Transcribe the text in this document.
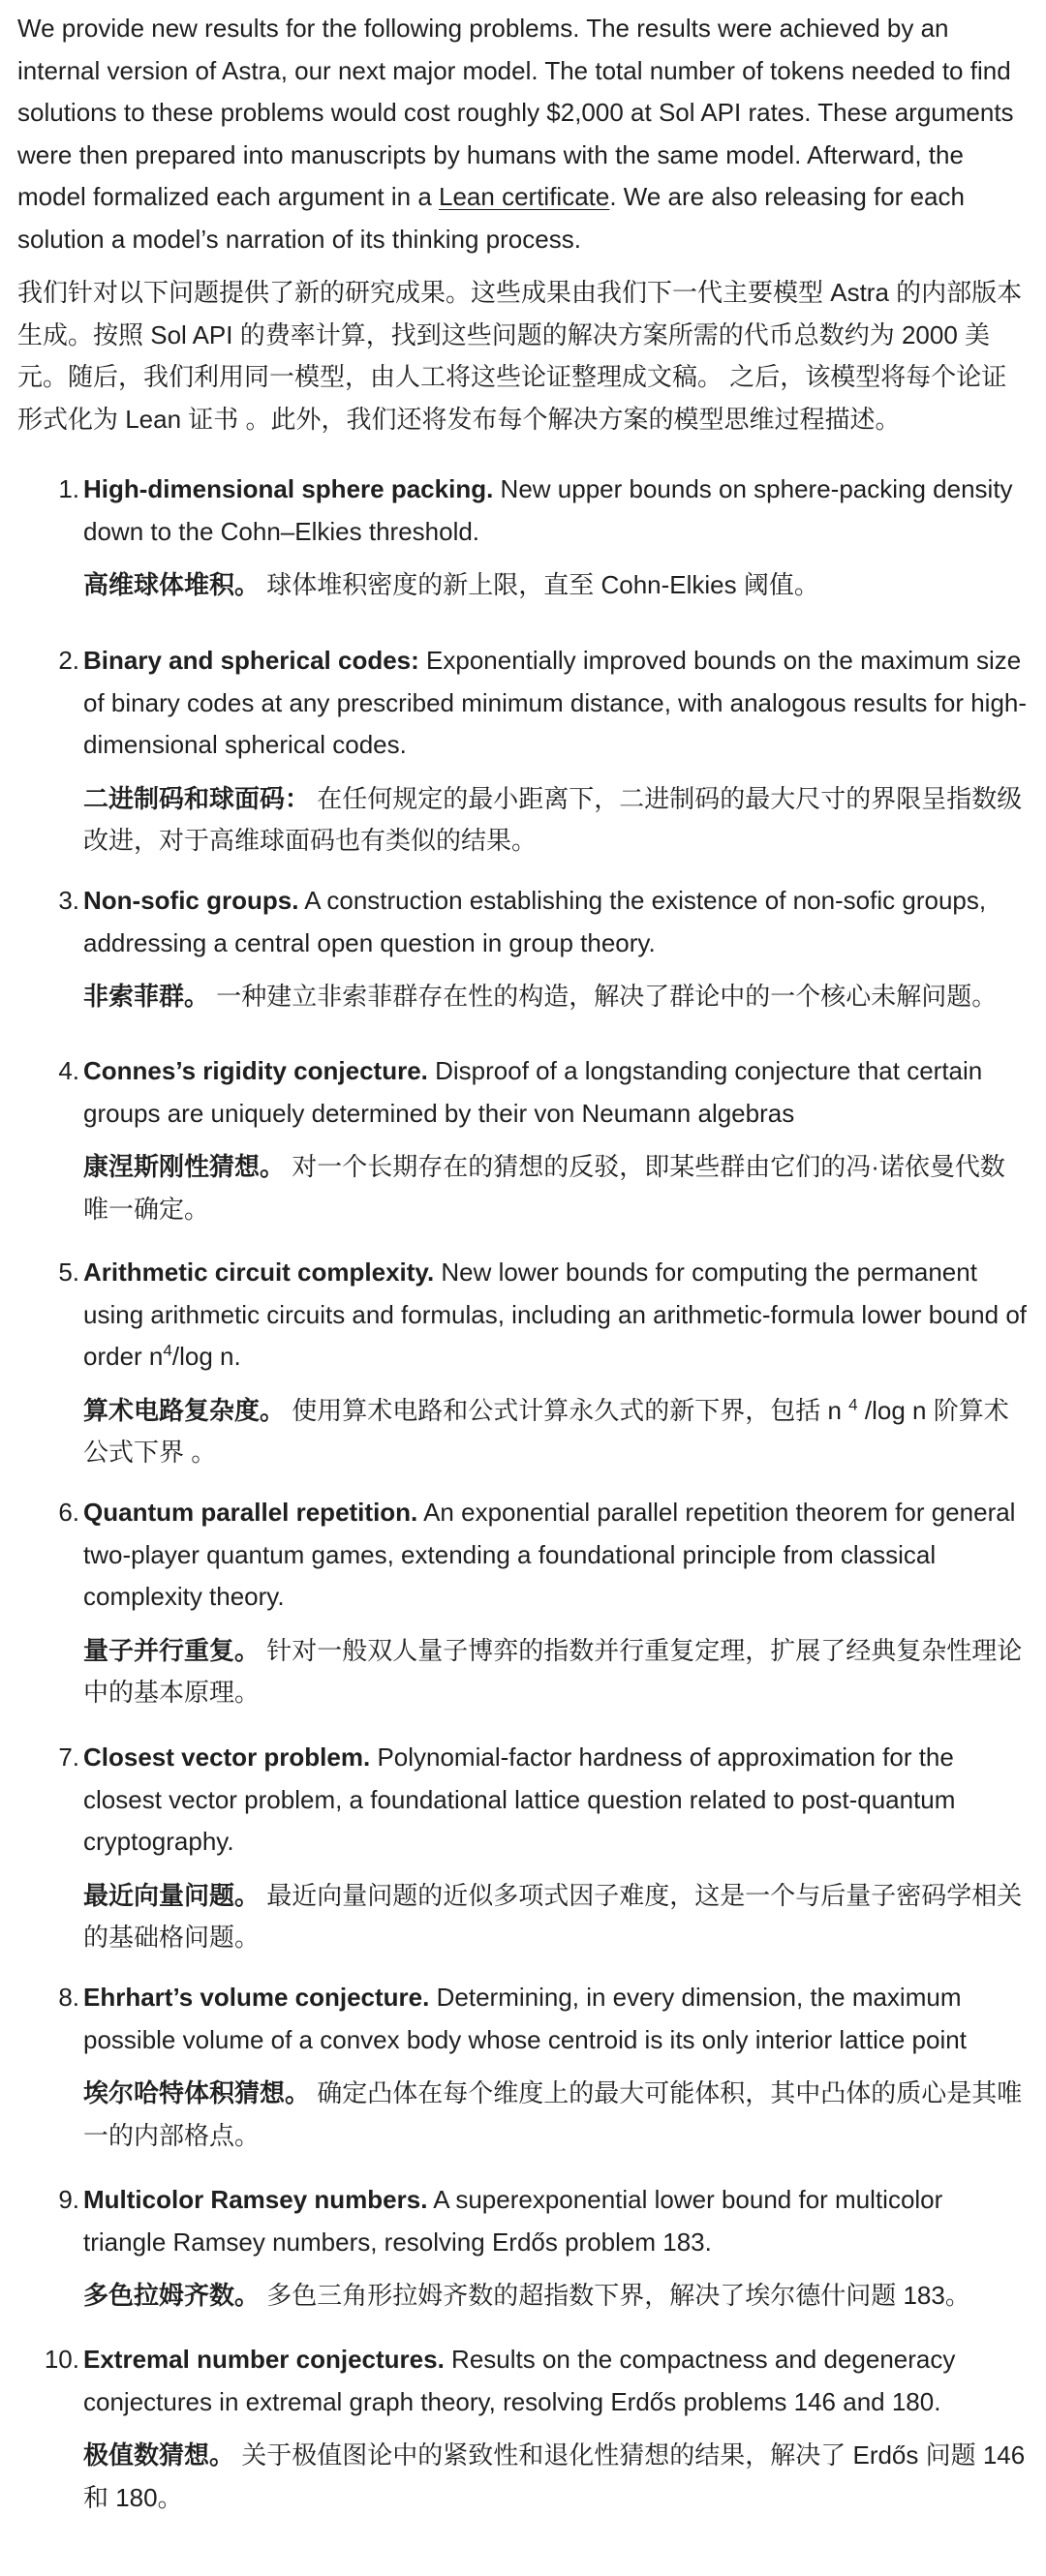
We provide new results for the following problems. The results were achieved by an internal version of Astra, our next major model. The total number of tokens needed to find solutions to these problems would cost roughly $2,000 at Sol API rates. These arguments were then prepared into manuscripts by humans with the same model. Afterward, the model formalized each argument in a Lean certificate. We are also releasing for each solution a model’s narration of its thinking process.

我们针对以下问题提供了新的研究成果。这些成果由我们下一代主要模型 Astra 的内部版本生成。按照 Sol API 的费率计算，找到这些问题的解决方案所需的代币总数约为 2000 美元。随后，我们利用同一模型，由人工将这些论证整理成文稿。 之后，该模型将每个论证形式化为 Lean 证书 。此外，我们还将发布每个解决方案的模型思维过程描述。

1. High-dimensional sphere packing. New upper bounds on sphere-packing density down to the Cohn–Elkies threshold.

高维球体堆积。 球体堆积密度的新上限，直至 Cohn-Elkies 阈值。

2. Binary and spherical codes: Exponentially improved bounds on the maximum size of binary codes at any prescribed minimum distance, with analogous results for high-dimensional spherical codes.

二进制码和球面码： 在任何规定的最小距离下，二进制码的最大尺寸的界限呈指数级改进，对于高维球面码也有类似的结果。

3. Non-sofic groups. A construction establishing the existence of non-sofic groups, addressing a central open question in group theory.

非索菲群。 一种建立非索菲群存在性的构造，解决了群论中的一个核心未解问题。

4. Connes’s rigidity conjecture. Disproof of a longstanding conjecture that certain groups are uniquely determined by their von Neumann algebras

康涅斯刚性猜想。 对一个长期存在的猜想的反驳，即某些群由它们的冯·诺依曼代数唯一确定。

5. Arithmetic circuit complexity. New lower bounds for computing the permanent using arithmetic circuits and formulas, including an arithmetic-formula lower bound of order $n^4/\log$ n.

算术电路复杂度。 使用算术电路和公式计算永久式的新下界，包括 n $^4$ /log n 阶算术公式下界 。

6. Quantum parallel repetition. An exponential parallel repetition theorem for general two-player quantum games, extending a foundational principle from classical complexity theory.

量子并行重复。 针对一般双人量子博弈的指数并行重复定理，扩展了经典复杂性理论中的基本原理。

7. Closest vector problem. Polynomial-factor hardness of approximation for the closest vector problem, a foundational lattice question related to post-quantum cryptography.

最近向量问题。 最近向量问题的近似多项式因子难度，这是一个与后量子密码学相关的基础格问题。

8. Ehrhart’s volume conjecture. Determining, in every dimension, the maximum possible volume of a convex body whose centroid is its only interior lattice point

埃尔哈特体积猜想。 确定凸体在每个维度上的最大可能体积，其中凸体的质心是其唯一的内部格点。

9. Multicolor Ramsey numbers. A superexponential lower bound for multicolor triangle Ramsey numbers, resolving Erdős problem 183.

多色拉姆齐数。 多色三角形拉姆齐数的超指数下界，解决了埃尔德什问题 183。

10. Extremal number conjectures. Results on the compactness and degeneracy conjectures in extremal graph theory, resolving Erdős problems 146 and 180.

极值数猜想。 关于极值图论中的紧致性和退化性猜想的结果，解决了 Erdős 问题 146 和 180。
